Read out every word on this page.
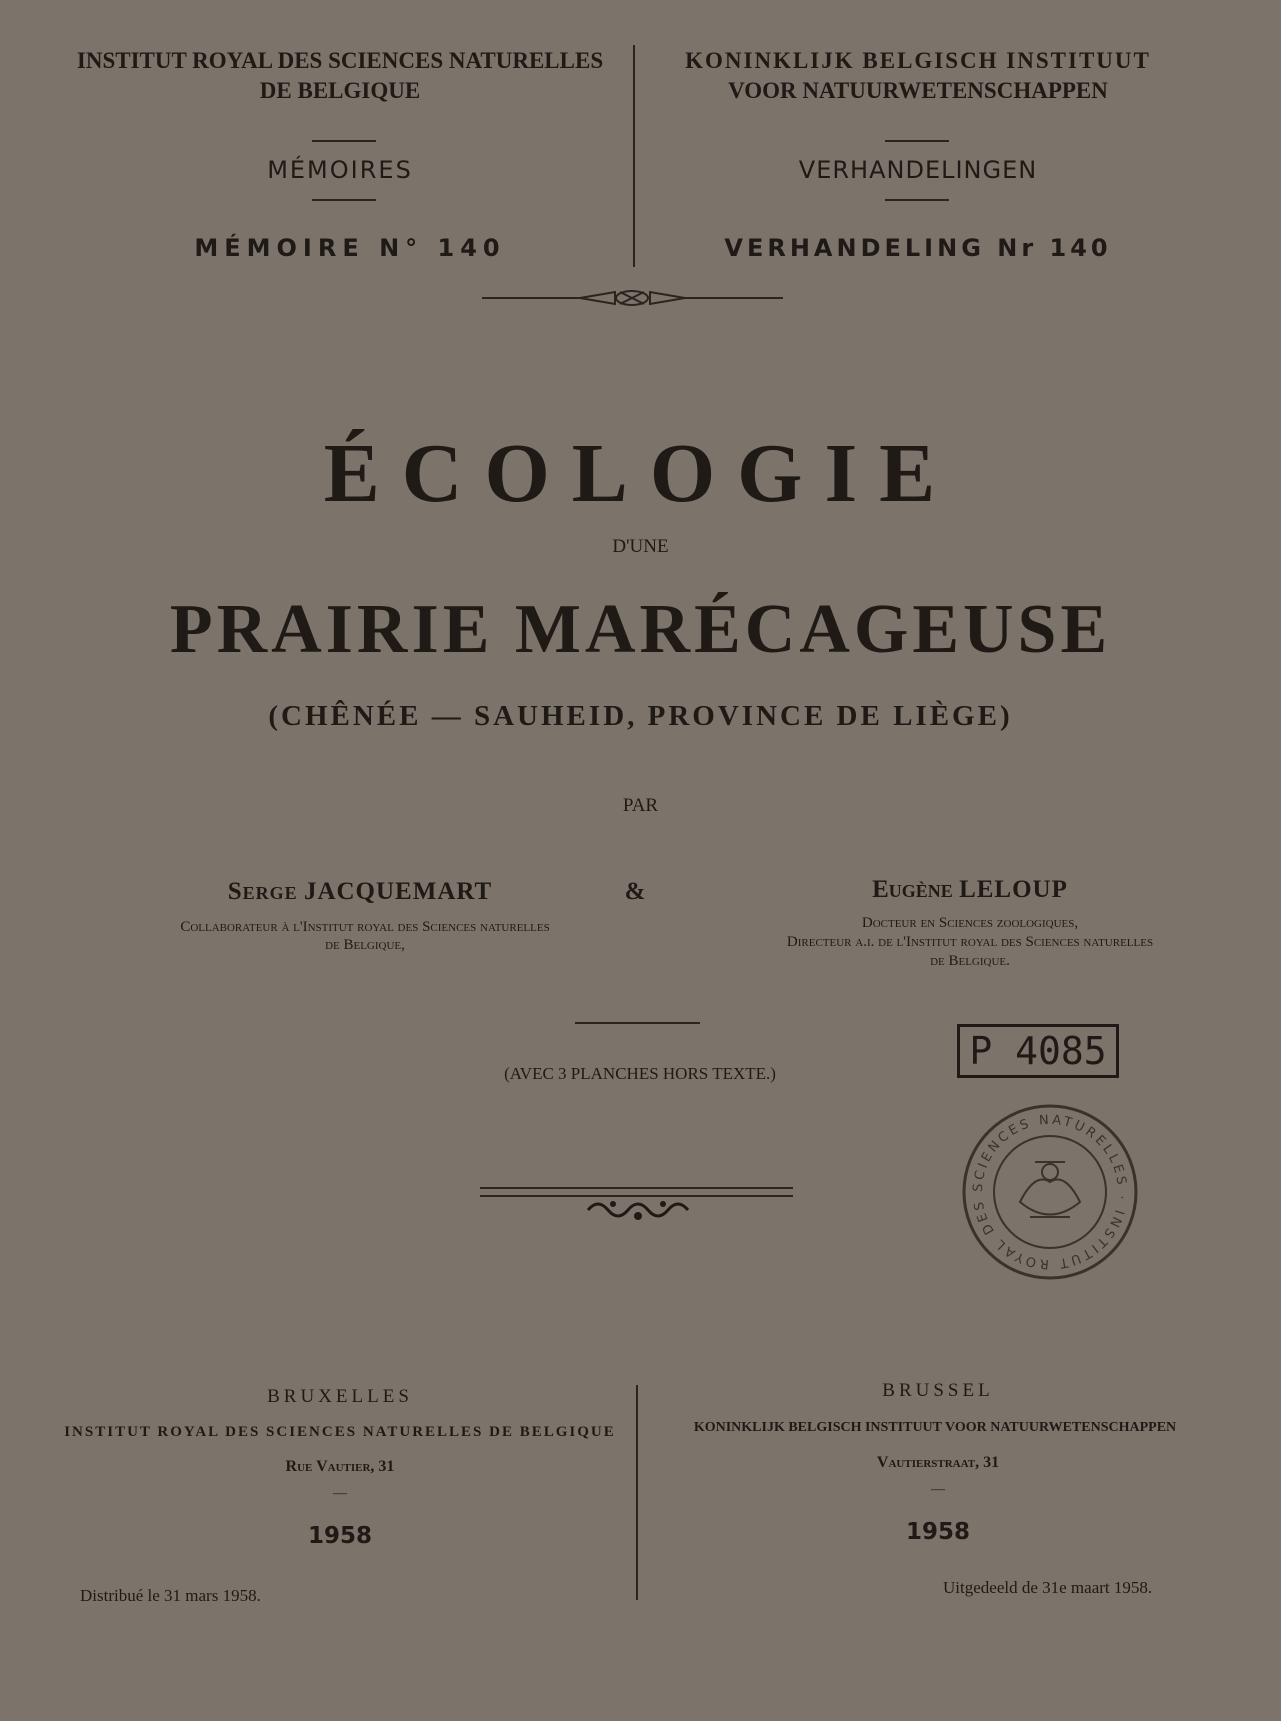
INSTITUT ROYAL DES SCIENCES NATURELLES
DE BELGIQUE
MÉMOIRES
MÉMOIRE N° 140
KONINKLIJK BELGISCH INSTITUUT
VOOR NATUURWETENSCHAPPEN
VERHANDELINGEN
VERHANDELING Nr 140
ÉCOLOGIE
D'UNE
PRAIRIE MARÉCAGEUSE
(CHÊNÉE — SAUHEID, PROVINCE DE LIÈGE)
PAR
Serge JACQUEMART
Collaborateur à l'Institut royal des Sciences naturelles
de Belgique,
&	Eugène LELOUP
Docteur en Sciences zoologiques,
Directeur a.i. de l'Institut royal des Sciences naturelles
de Belgique.
(AVEC 3 PLANCHES HORS TEXTE.)
P 4085
SCIENCES NATURELLES · INSTITUT ROYAL DES
BRUXELLES
INSTITUT ROYAL DES SCIENCES NATURELLES DE BELGIQUE
Rue Vautier, 31
—
1958
Distribué le 31 mars 1958.
BRUSSEL
KONINKLIJK BELGISCH INSTITUUT VOOR NATUURWETENSCHAPPEN
Vautierstraat, 31
—
1958
Uitgedeeld de 31e maart 1958.
